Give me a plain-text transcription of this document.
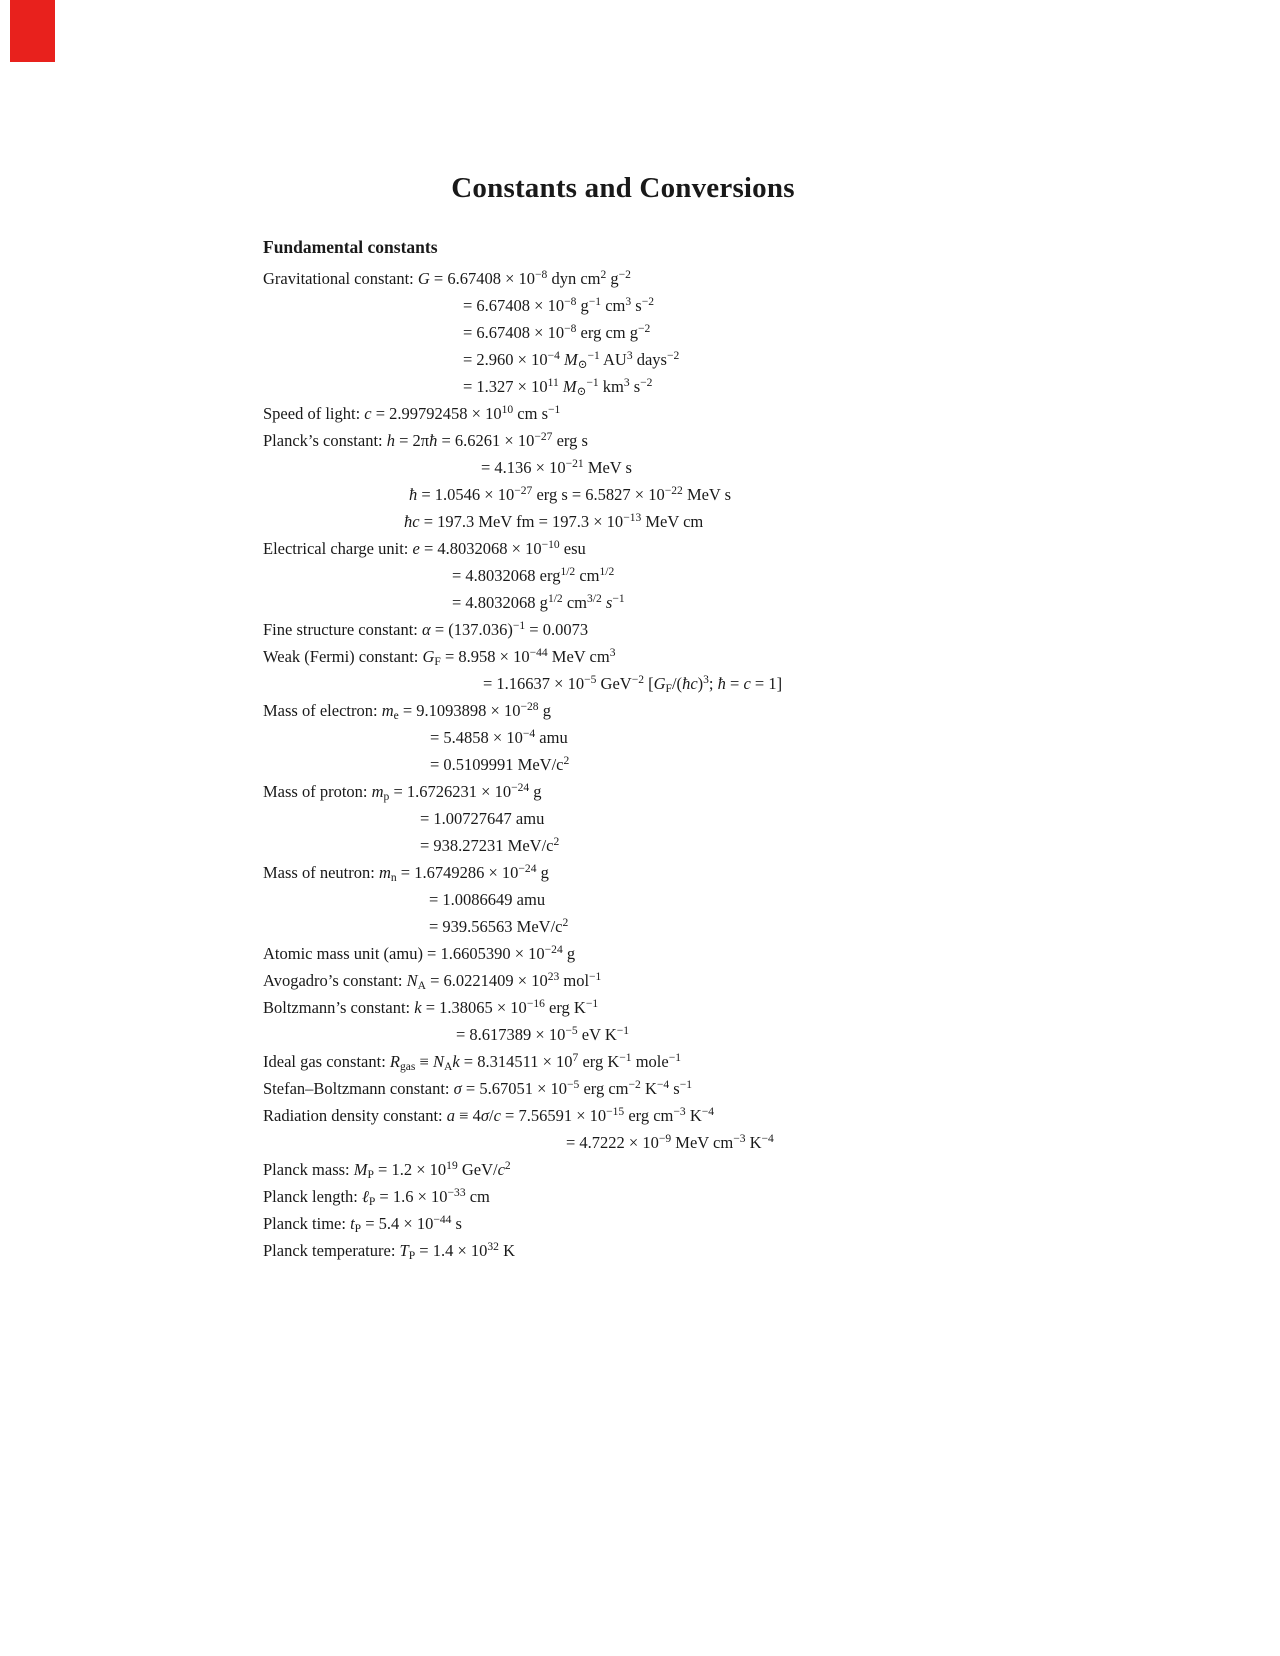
Constants and Conversions
Fundamental constants
Gravitational constant: $G = 6.67408 \times 10^{-8}$ dyn $cm^2$ $g^{-2}$
= $6.67408 \times 10^{-8}$ $g^{-1}$ $cm^3$ $s^{-2}$
= $6.67408 \times 10^{-8}$ erg cm $g^{-2}$
= $2.960 \times 10^{-4}$ $M_⊙^{-1}$ $AU^3$ days$^{-2}$
= $1.327 \times 10^{11}$ $M_⊙^{-1}$ $km^3$ $s^{-2}$
Speed of light: $c = 2.99792458 \times 10^{10}$ cm $s^{-1}$
Planck’s constant: h = 2πħ = $6.6261 \times 10^{-27}$ erg s
= $4.136 \times 10^{-21}$ MeV s
ħ = $1.0546 \times 10^{-27}$ erg $s = 6.5827 \times 10^{-22}$ MeV s
ħc = 197.3 MeV fm = $197.3 \times 10^{-13}$ MeV cm
Electrical charge unit: $e = 4.8032068 \times 10^{-10}$ esu
= 4.8032068 erg$^{1/2}$ $cm^{1/2}$
= 4.8032068 $g^{1/2}$ $cm^{3/2}$ $s^{-1}$
Fine structure constant: $\alpha = (137.036)^{-1} = 0.0073$
Weak (Fermi) constant: $G_F = 8.958 \times 10^{-44}$ MeV $cm^3$
= $1.16637 \times 10^{-5}$ GeV$^{-2}$ [$G_F/(ħc)^3$; ħ = c = 1]
Mass of electron: $m_e = 9.1093898 \times 10^{-28}$ g
= $5.4858 \times 10^{-4}$ amu
= 0.5109991 MeV/$c^2$
Mass of proton: $m_p = 1.6726231 \times 10^{-24}$ g
= 1.00727647 amu
= 938.27231 MeV/$c^2$
Mass of neutron: $m_n = 1.6749286 \times 10^{-24}$ g
= 1.0086649 amu
= 939.56563 MeV/$c^2$
Atomic mass unit $(amu) = 1.6605390 \times 10^{-24}$ g
Avogadro’s constant: $N_A = 6.0221409 \times 10^{23}$ mol$^{-1}$
Boltzmann’s constant: $k = 1.38065 \times 10^{-16}$ erg $K^{-1}$
= $8.617389 \times 10^{-5}$ eV $K^{-1}$
Ideal gas constant: $R_{gas} \equiv N_Ak = 8.314511 \times 10^7$ erg $K^{-1}$ mole$^{-1}$
Stefan–Boltzmann constant: $\sigma = 5.67051 \times 10^{-5}$ erg $cm^{-2}$ $K^{-4}$ $s^{-1}$
Radiation density constant: $a \equiv 4\sigma/c = 7.56591 \times 10^{-15}$ erg $cm^{-3}$ $K^{-4}$
= $4.7222 \times 10^{-9}$ MeV $cm^{-3}$ $K^{-4}$
Planck mass: $M_P = 1.2 \times 10^{19}$ GeV/$c^2$
Planck length: ℓ$_P$ = $1.6 \times 10^{-33}$ cm
Planck time: $t_P = 5.4 \times 10^{-44}$ s
Planck temperature: $T_P = 1.4 \times 10^{32}$ K
